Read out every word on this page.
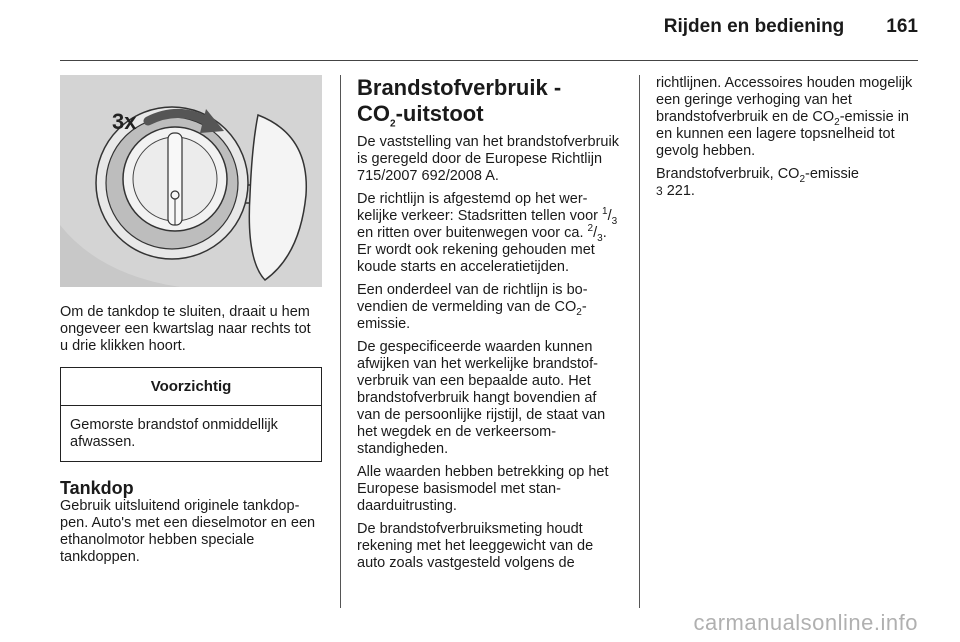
Rijden en bediening 161
3x

Om de tankdop te sluiten, draait u hem ongeveer een kwartslag naar rechts tot u drie klikken hoort.

Voorzichtig
Gemorste brandstof onmiddellijk afwassen.
Tankdop

Gebruik uitsluitend originele tankdoppen. Auto's met een dieselmotor en een ethanolmotor hebben speciale tankdoppen.

Brandstofverbruik -
$CO_2$-uitstoot

De vaststelling van het brandstofverbruik is geregeld door de Europese Richtlijn 715/2007 692/2008 A.

De richtlijn is afgestemd op het werkelijke verkeer: Stadsritten tellen voor $^1/_3$ en ritten over buitenwegen voor ca. $^2/_3$. Er wordt ook rekening gehouden met koude starts en acceleratietijden.

Een onderdeel van de richtlijn is bovendien de vermelding van de $CO_2$-emissie.

De gespecificeerde waarden kunnen afwijken van het werkelijke brandstofverbruik van een bepaalde auto. Het brandstofverbruik hangt bovendien af van de persoonlijke rijstijl, de staat van het wegdek en de verkeersomstandigheden.

Alle waarden hebben betrekking op het Europese basismodel met standaarduitrusting.

De brandstofverbruiksmeting houdt rekening met het leeggewicht van de auto zoals vastgesteld volgens de

richtlijnen. Accessoires houden mogelijk een geringe verhoging van het brandstofverbruik en de $CO_2$-emissie in en kunnen een lagere topsnelheid tot gevolg hebben.

Brandstofverbruik, $CO_2$-emissie
3 221.

carmanualsonline.info
